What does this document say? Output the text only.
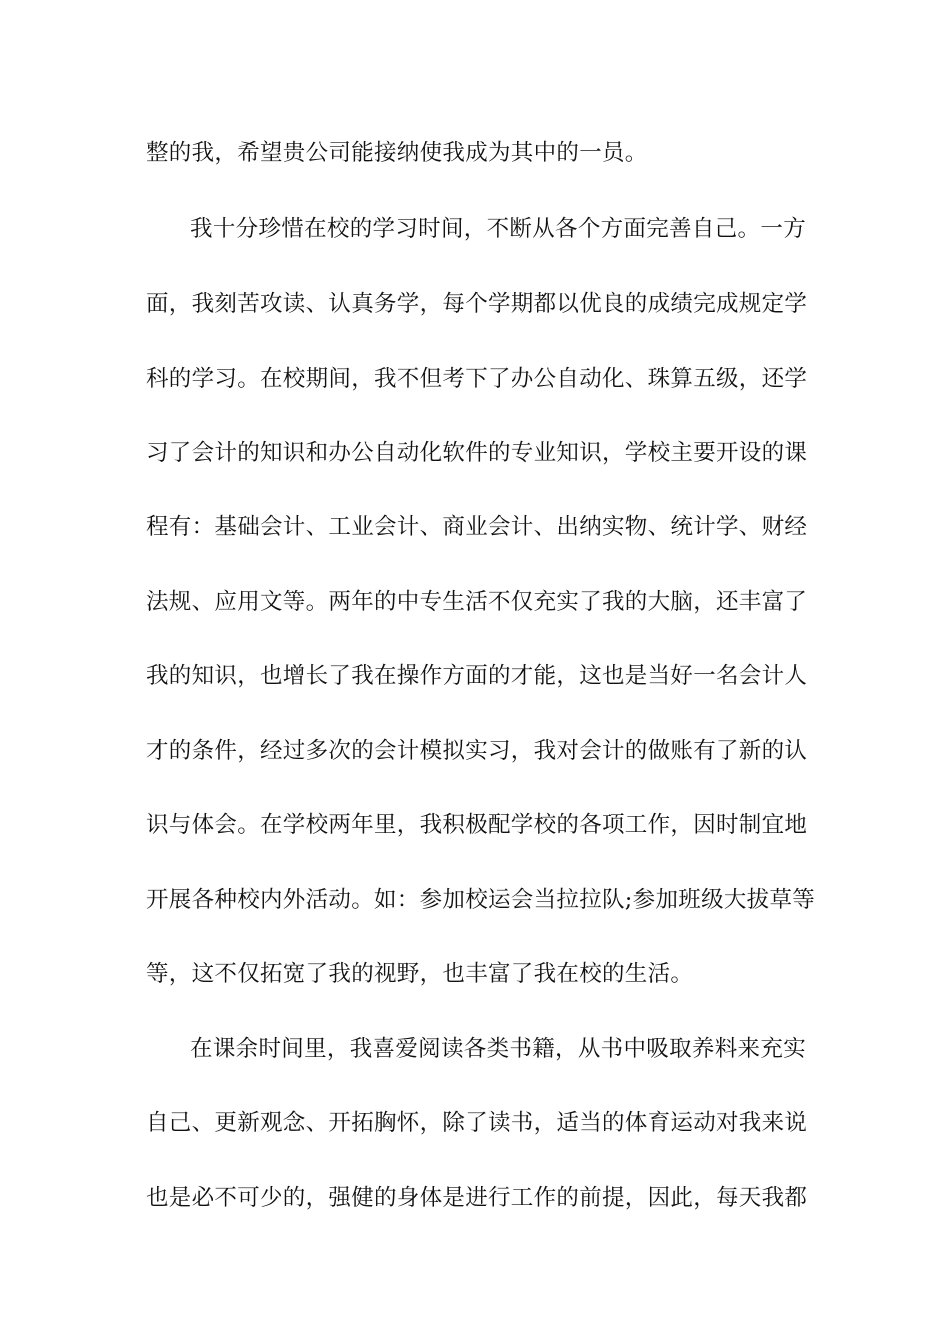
整的我，希望贵公司能接纳使我成为其中的一员。
我十分珍惜在校的学习时间，不断从各个方面完善自己。一方
面，我刻苦攻读、认真务学，每个学期都以优良的成绩完成规定学
科的学习。在校期间，我不但考下了办公自动化、珠算五级，还学
习了会计的知识和办公自动化软件的专业知识，学校主要开设的课
程有：基础会计、工业会计、商业会计、出纳实物、统计学、财经
法规、应用文等。两年的中专生活不仅充实了我的大脑，还丰富了
我的知识，也增长了我在操作方面的才能，这也是当好一名会计人
才的条件，经过多次的会计模拟实习，我对会计的做账有了新的认
识与体会。在学校两年里，我积极配学校的各项工作，因时制宜地
开展各种校内外活动。如：参加校运会当拉拉队;参加班级大拔草等
等，这不仅拓宽了我的视野，也丰富了我在校的生活。
在课余时间里，我喜爱阅读各类书籍，从书中吸取养料来充实
自己、更新观念、开拓胸怀，除了读书，适当的体育运动对我来说
也是必不可少的，强健的身体是进行工作的前提，因此，每天我都
